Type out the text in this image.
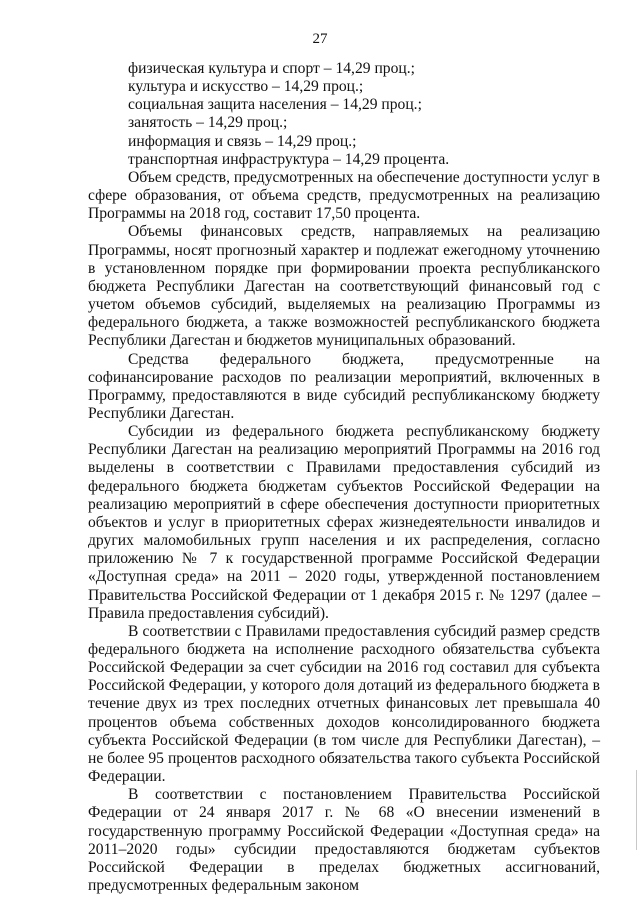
27
физическая культура и спорт – 14,29 проц.;
культура и искусство – 14,29 проц.;
социальная защита населения – 14,29 проц.;
занятость – 14,29 проц.;
информация и связь – 14,29 проц.;
транспортная инфраструктура – 14,29 процента.

Объем средств, предусмотренных на обеспечение доступности услуг в сфере образования, от объема средств, предусмотренных на реализацию Программы на 2018 год, составит 17,50 процента.

Объемы финансовых средств, направляемых на реализацию Программы, носят прогнозный характер и подлежат ежегодному уточнению в установленном порядке при формировании проекта республиканского бюджета Республики Дагестан на соответствующий финансовый год с учетом объемов субсидий, выделяемых на реализацию Программы из федерального бюджета, а также возможностей республиканского бюджета Республики Дагестан и бюджетов муниципальных образований.

Средства федерального бюджета, предусмотренные на софинансирование расходов по реализации мероприятий, включенных в Программу, предоставляются в виде субсидий республиканскому бюджету Республики Дагестан.

Субсидии из федерального бюджета республиканскому бюджету Республики Дагестан на реализацию мероприятий Программы на 2016 год выделены в соответствии с Правилами предоставления субсидий из федерального бюджета бюджетам субъектов Российской Федерации на реализацию мероприятий в сфере обеспечения доступности приоритетных объектов и услуг в приоритетных сферах жизнедеятельности инвалидов и других маломобильных групп населения и их распределения, согласно приложению № 7 к государственной программе Российской Федерации «Доступная среда» на 2011 – 2020 годы, утвержденной постановлением Правительства Российской Федерации от 1 декабря 2015 г. № 1297 (далее – Правила предоставления субсидий).

В соответствии с Правилами предоставления субсидий размер средств федерального бюджета на исполнение расходного обязательства субъекта Российской Федерации за счет субсидии на 2016 год составил для субъекта Российской Федерации, у которого доля дотаций из федерального бюджета в течение двух из трех последних отчетных финансовых лет превышала 40 процентов объема собственных доходов консолидированного бюджета субъекта Российской Федерации (в том числе для Республики Дагестан), – не более 95 процентов расходного обязательства такого субъекта Российской Федерации.

В соответствии с постановлением Правительства Российской Федерации от 24 января 2017 г. № 68 «О внесении изменений в государственную программу Российской Федерации «Доступная среда» на 2011–2020 годы» субсидии предоставляются бюджетам субъектов Российской Федерации в пределах бюджетных ассигнований, предусмотренных федеральным законом
